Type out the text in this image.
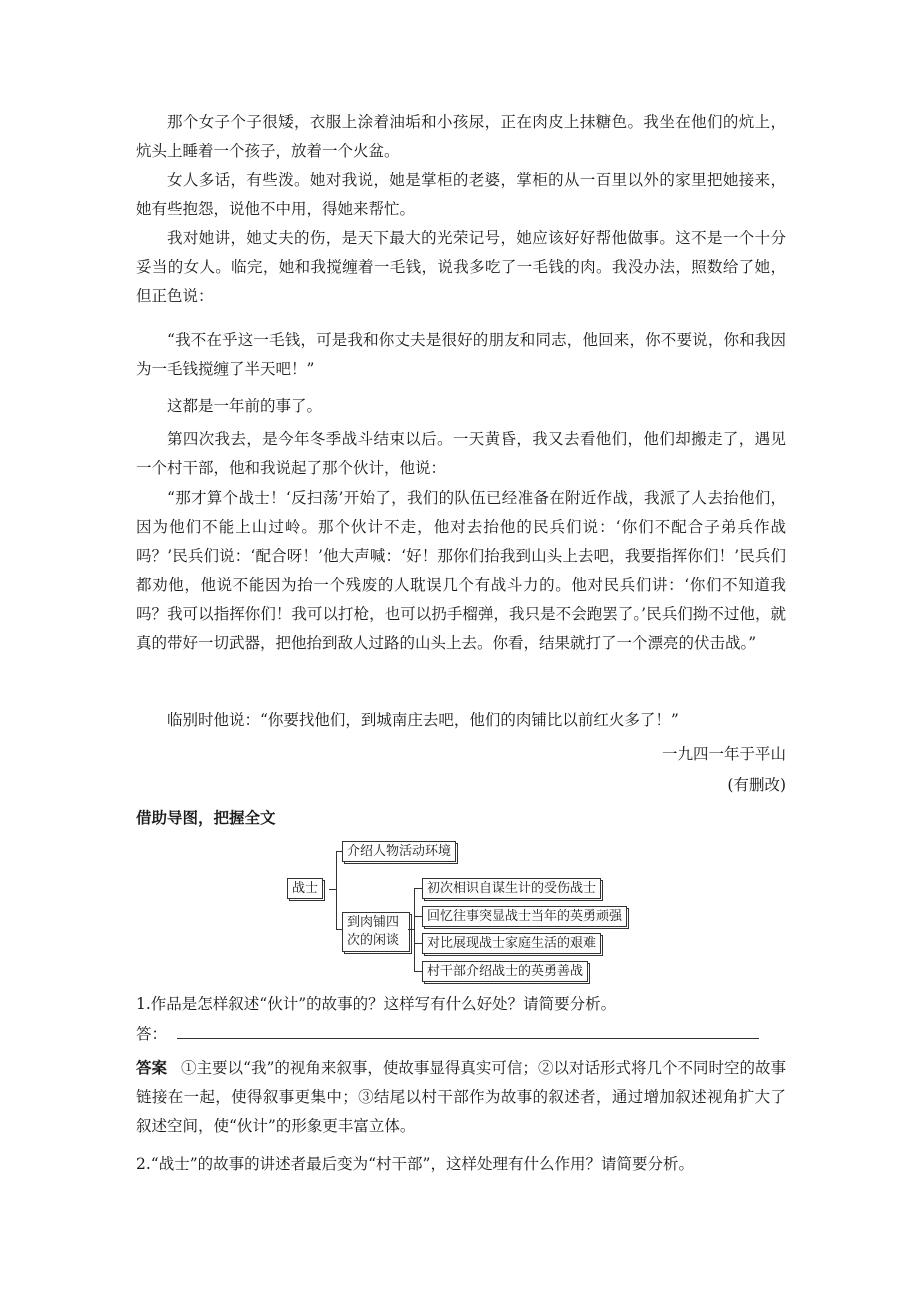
那个女子个子很矮，衣服上涂着油垢和小孩尿，正在肉皮上抹糖色。我坐在他们的炕上，炕头上睡着一个孩子，放着一个火盆。

女人多话，有些泼。她对我说，她是掌柜的老婆，掌柜的从一百里以外的家里把她接来，她有些抱怨，说他不中用，得她来帮忙。

我对她讲，她丈夫的伤，是天下最大的光荣记号，她应该好好帮他做事。这不是一个十分妥当的女人。临完，她和我搅缠着一毛钱，说我多吃了一毛钱的肉。我没办法，照数给了她，但正色说：

“我不在乎这一毛钱，可是我和你丈夫是很好的朋友和同志，他回来，你不要说，你和我因为一毛钱搅缠了半天吧！”

这都是一年前的事了。

第四次我去，是今年冬季战斗结束以后。一天黄昏，我又去看他们，他们却搬走了，遇见一个村干部，他和我说起了那个伙计，他说：

“那才算个战士！‘反扫荡’开始了，我们的队伍已经准备在附近作战，我派了人去抬他们，因为他们不能上山过岭。那个伙计不走，他对去抬他的民兵们说：‘你们不配合子弟兵作战吗？’民兵们说：‘配合呀！’他大声喊：‘好！那你们抬我到山头上去吧，我要指挥你们！’民兵们都劝他，他说不能因为抬一个残废的人耽误几个有战斗力的。他对民兵们讲：‘你们不知道我吗？我可以指挥你们！我可以打枪，也可以扔手榴弹，我只是不会跑罢了。’民兵们拗不过他，就真的带好一切武器，把他抬到敌人过路的山头上去。你看，结果就打了一个漂亮的伏击战。”

临别时他说：“你要找他们，到城南庄去吧，他们的肉铺比以前红火多了！”

一九四一年于平山

(有删改)

借助导图，把握全文

战士
介绍人物活动环境
到肉铺四次的闲谈
初次相识自谋生计的受伤战士
回忆往事突显战士当年的英勇顽强
对比展现战士家庭生活的艰难
村干部介绍战士的英勇善战

1.作品是怎样叙述“伙计”的故事的？这样写有什么好处？请简要分析。

答：

答案 ①主要以“我”的视角来叙事，使故事显得真实可信；②以对话形式将几个不同时空的故事链接在一起，使得叙事更集中；③结尾以村干部作为故事的叙述者，通过增加叙述视角扩大了叙述空间，使“伙计”的形象更丰富立体。

2.“战士”的故事的讲述者最后变为“村干部”，这样处理有什么作用？请简要分析。
